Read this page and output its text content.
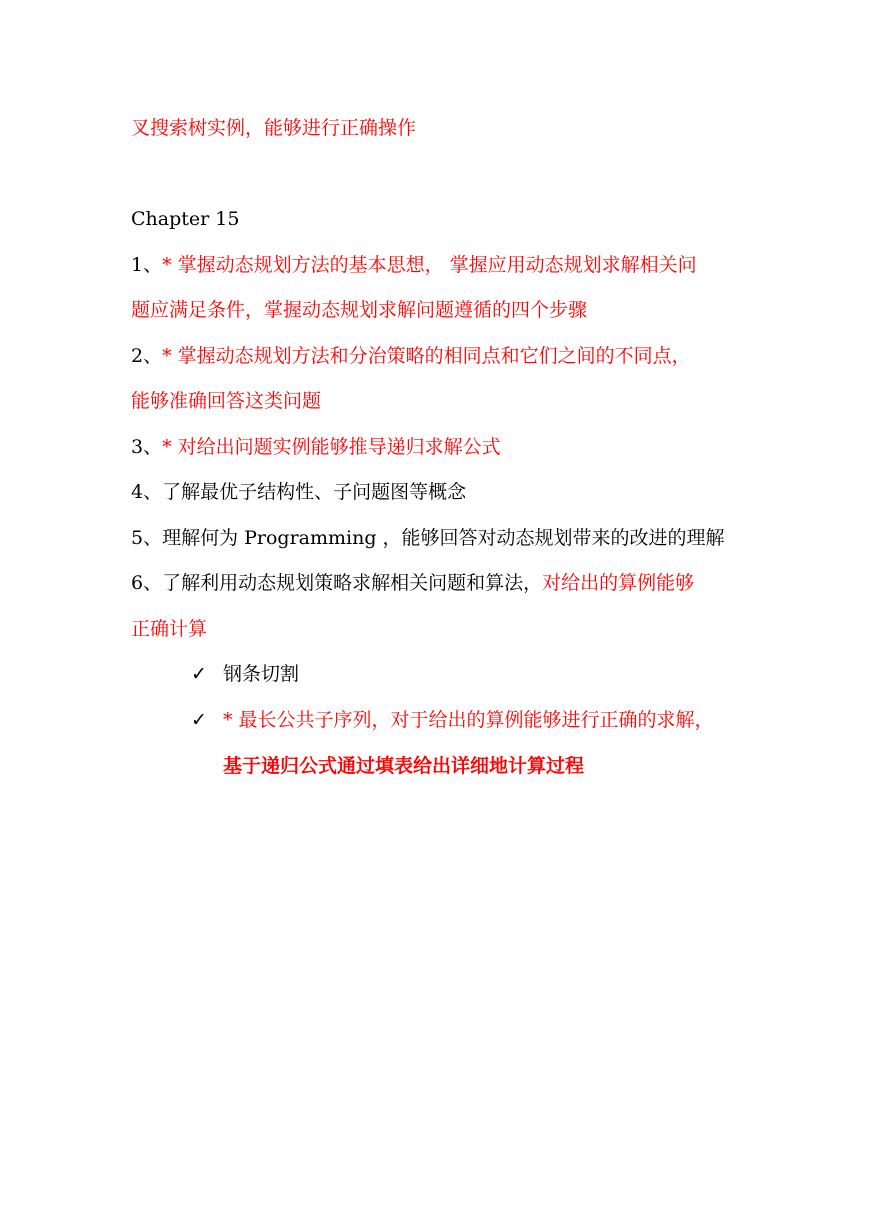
叉搜索树实例，能够进行正确操作
Chapter 15
1、* 掌握动态规划方法的基本思想， 掌握应用动态规划求解相关问
题应满足条件，掌握动态规划求解问题遵循的四个步骤
2、* 掌握动态规划方法和分治策略的相同点和它们之间的不同点，
能够准确回答这类问题
3、* 对给出问题实例能够推导递归求解公式
4、了解最优子结构性、子问题图等概念
5、理解何为 Programming ，能够回答对动态规划带来的改进的理解
6、了解利用动态规划策略求解相关问题和算法，对给出的算例能够
正确计算
✓ 钢条切割
✓ * 最长公共子序列，对于给出的算例能够进行正确的求解，
基于递归公式通过填表给出详细地计算过程
